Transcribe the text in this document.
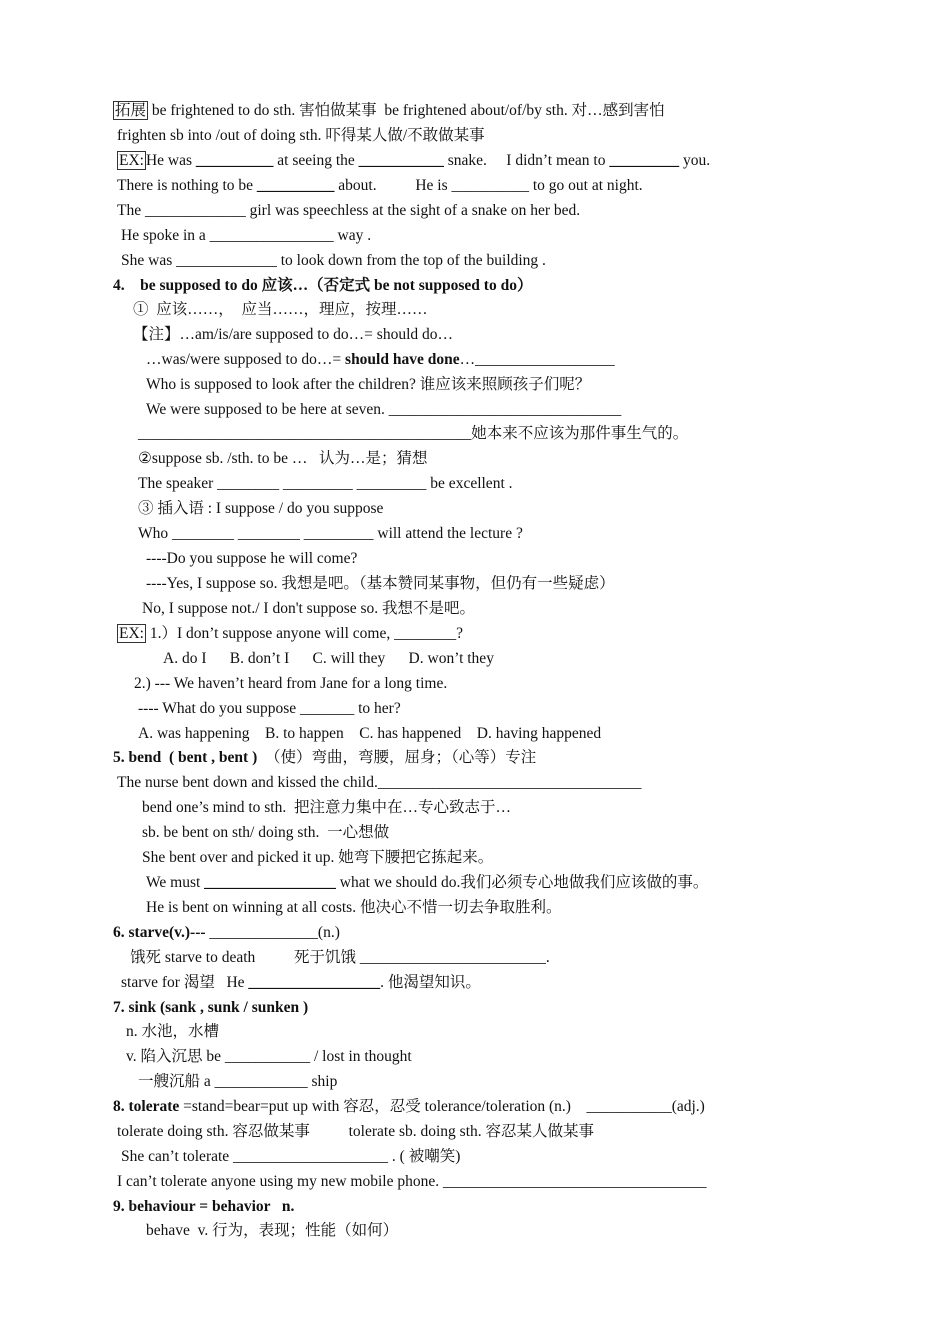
拓展 be frightened to do sth. 害怕做某事  be frightened about/of/by sth. 对…感到害怕
frighten sb into /out of doing sth. 吓得某人做/不敢做某事
EX: He was __________ at seeing the ___________ snake.     I didn’t mean to _________ you.
There is nothing to be __________ about.          He is __________ to go out at night.
The _____________ girl was speechless at the sight of a snake on her bed.
He spoke in a ________________ way .
She was _____________ to look down from the top of the building .
4.    be supposed to do 应该…（否定式 be not supposed to do）
①  应该……，  应当……，理应，按理……
【注】…am/is/are supposed to do…= should do…
…was/were supposed to do…= should have done…__________________
Who is supposed to look after the children? 谁应该来照顾孩子们呢？
We were supposed to be here at seven. ______________________________
___________________________________________她本来不应该为那件事生气的。
②suppose sb. /sth. to be …   认为…是；猜想
The speaker ________ _________ _________ be excellent .
③ 插入语 : I suppose / do you suppose
Who ________ ________ _________ will attend the lecture ?
----Do you suppose he will come?
----Yes, I suppose so. 我想是吧。（基本赞同某事物，但仍有一些疑虑）
No, I suppose not./ I don't suppose so. 我想不是吧。
EX: 1.）I don’t suppose anyone will come, ________?
A. do I      B. don’t I      C. will they      D. won’t they
2.) --- We haven’t heard from Jane for a long time.
---- What do you suppose _______ to her?
A. was happening    B. to happen    C. has happened    D. having happened
5. bend  ( bent , bent )  （使）弯曲，弯腰，屈身；（心等）专注
The nurse bent down and kissed the child.__________________________________
bend one’s mind to sth.  把注意力集中在…专心致志于…
sb. be bent on sth/ doing sth.  一心想做
She bent over and picked it up. 她弯下腰把它拣起来。
We must _________________ what we should do.我们必须专心地做我们应该做的事。
He is bent on winning at all costs. 他决心不惜一切去争取胜利。
6. starve(v.)--- ______________(n.)
饿死 starve to death          死于饥饿 ________________________.
starve for 渴望   He _________________. 他渴望知识。
7. sink (sank , sunk / sunken )
n. 水池，水槽
v. 陷入沉思 be ___________ / lost in thought
一艘沉船 a ____________ ship
8. tolerate =stand=bear=put up with 容忍，忍受 tolerance/toleration (n.)    ___________(adj.)
tolerate doing sth. 容忍做某事          tolerate sb. doing sth. 容忍某人做某事
She can’t tolerate ____________________ . ( 被嘲笑)
I can’t tolerate anyone using my new mobile phone. __________________________________
9. behaviour = behavior   n.
behave  v. 行为，表现；性能（如何）
